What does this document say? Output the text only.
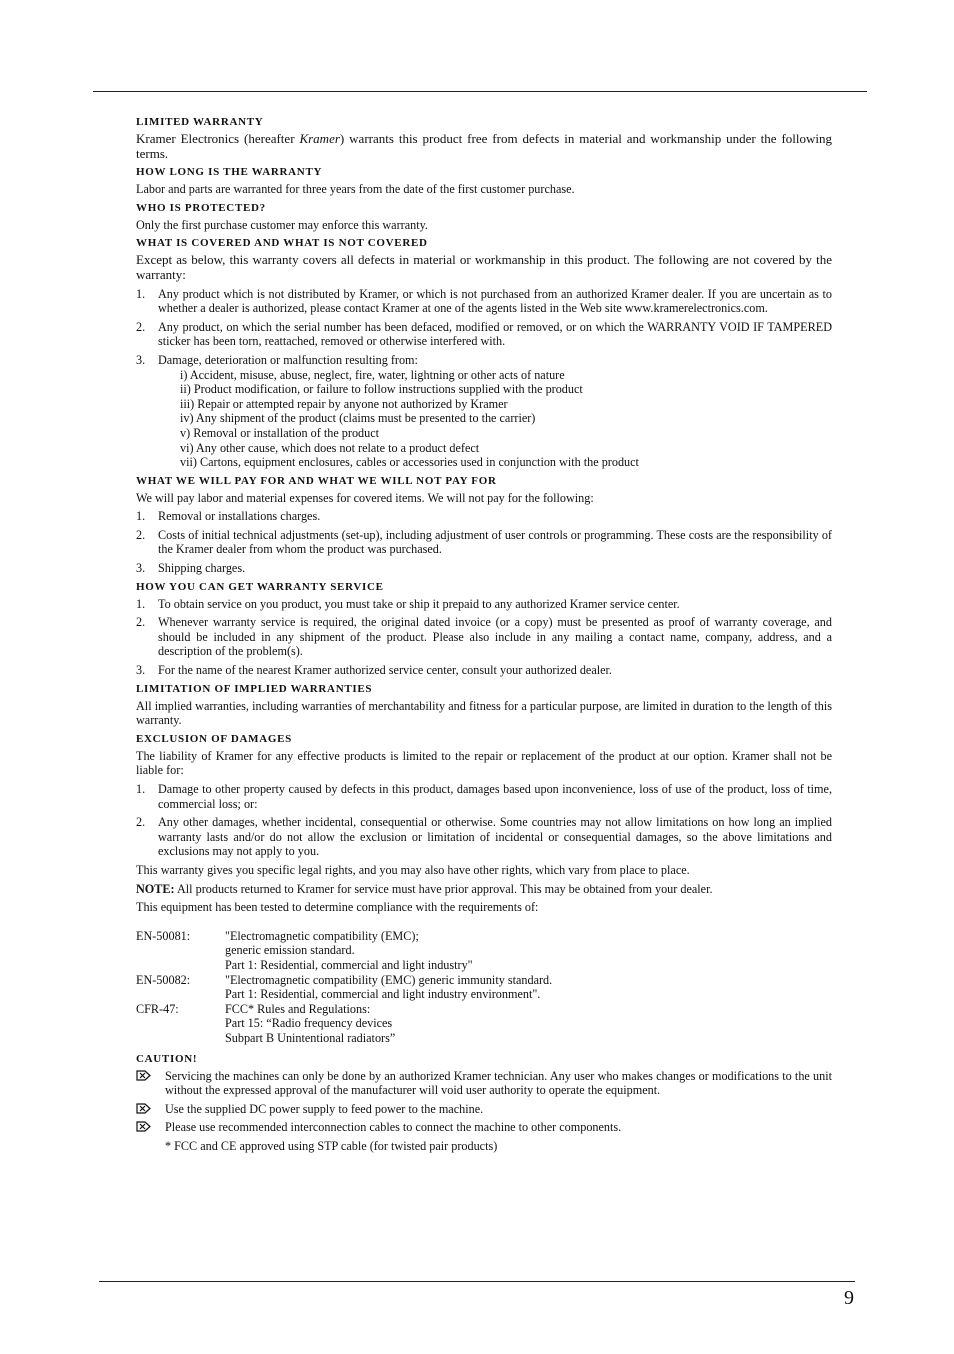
LIMITED WARRANTY

Kramer Electronics (hereafter Kramer) warrants this product free from defects in material and workmanship under the following terms.

HOW LONG IS THE WARRANTY

Labor and parts are warranted for three years from the date of the first customer purchase.

WHO IS PROTECTED?

Only the first purchase customer may enforce this warranty.

WHAT IS COVERED AND WHAT IS NOT COVERED

Except as below, this warranty covers all defects in material or workmanship in this product. The following are not covered by the warranty:

1. Any product which is not distributed by Kramer, or which is not purchased from an authorized Kramer dealer. If you are uncertain as to whether a dealer is authorized, please contact Kramer at one of the agents listed in the Web site www.kramerelectronics.com.
2. Any product, on which the serial number has been defaced, modified or removed, or on which the WARRANTY VOID IF TAMPERED sticker has been torn, reattached, removed or otherwise interfered with.
3. Damage, deterioration or malfunction resulting from:
i) Accident, misuse, abuse, neglect, fire, water, lightning or other acts of nature
ii) Product modification, or failure to follow instructions supplied with the product
iii) Repair or attempted repair by anyone not authorized by Kramer
iv) Any shipment of the product (claims must be presented to the carrier)
v) Removal or installation of the product
vi) Any other cause, which does not relate to a product defect
vii) Cartons, equipment enclosures, cables or accessories used in conjunction with the product
WHAT WE WILL PAY FOR AND WHAT WE WILL NOT PAY FOR

We will pay labor and material expenses for covered items. We will not pay for the following:

1. Removal or installations charges.
2. Costs of initial technical adjustments (set-up), including adjustment of user controls or programming. These costs are the responsibility of the Kramer dealer from whom the product was purchased.
3. Shipping charges.
HOW YOU CAN GET WARRANTY SERVICE
1. To obtain service on you product, you must take or ship it prepaid to any authorized Kramer service center.
2. Whenever warranty service is required, the original dated invoice (or a copy) must be presented as proof of warranty coverage, and should be included in any shipment of the product. Please also include in any mailing a contact name, company, address, and a description of the problem(s).
3. For the name of the nearest Kramer authorized service center, consult your authorized dealer.
LIMITATION OF IMPLIED WARRANTIES

All implied warranties, including warranties of merchantability and fitness for a particular purpose, are limited in duration to the length of this warranty.

EXCLUSION OF DAMAGES

The liability of Kramer for any effective products is limited to the repair or replacement of the product at our option. Kramer shall not be liable for:

1. Damage to other property caused by defects in this product, damages based upon inconvenience, loss of use of the product, loss of time, commercial loss; or:
2. Any other damages, whether incidental, consequential or otherwise. Some countries may not allow limitations on how long an implied warranty lasts and/or do not allow the exclusion or limitation of incidental or consequential damages, so the above limitations and exclusions may not apply to you.

This warranty gives you specific legal rights, and you may also have other rights, which vary from place to place.

NOTE: All products returned to Kramer for service must have prior approval. This may be obtained from your dealer.

This equipment has been tested to determine compliance with the requirements of:

EN-50081:	"Electromagnetic compatibility (EMC);
generic emission standard.
Part 1: Residential, commercial and light industry"
EN-50082:	"Electromagnetic compatibility (EMC) generic immunity standard.
Part 1: Residential, commercial and light industry environment".
CFR-47:	FCC* Rules and Regulations:
Part 15: “Radio frequency devices
Subpart B Unintentional radiators”
CAUTION!
Servicing the machines can only be done by an authorized Kramer technician. Any user who makes changes or modifications to the unit without the expressed approval of the manufacturer will void user authority to operate the equipment.
Use the supplied DC power supply to feed power to the machine.
Please use recommended interconnection cables to connect the machine to other components.
* FCC and CE approved using STP cable (for twisted pair products)
9
